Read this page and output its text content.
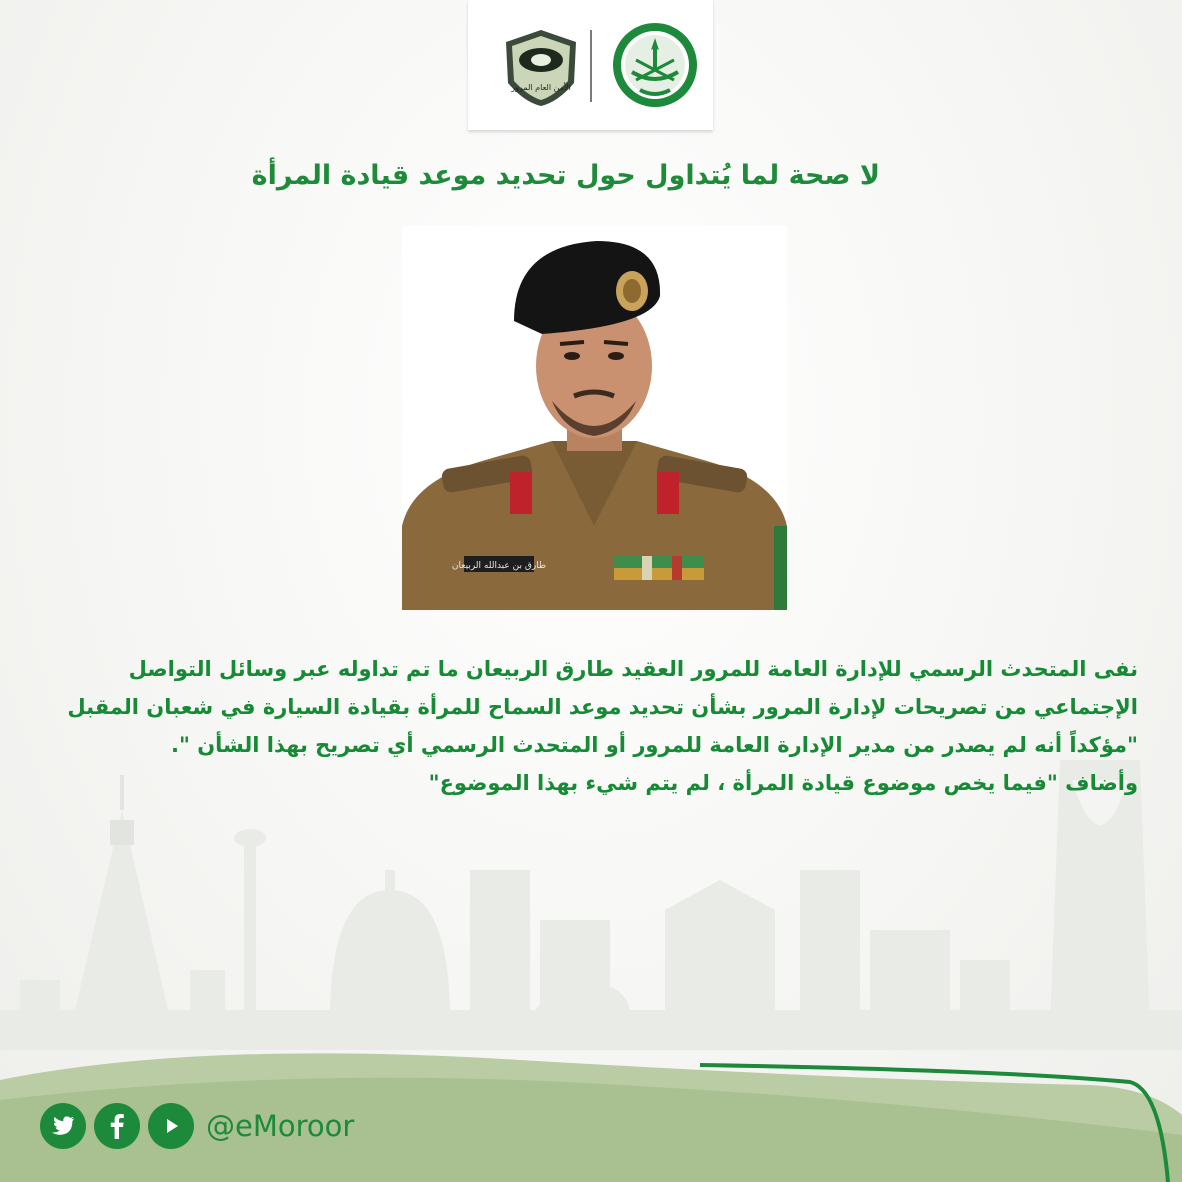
الأمن العام المرور
لا صحة لما يُتداول حول تحديد موعد قيادة المرأة
طارق بن عبدالله الربيعان

نفى المتحدث الرسمي للإدارة العامة للمرور العقيد طارق الربيعان ما تم تداوله عبر وسائل التواصل

الإجتماعي من تصريحات لإدارة المرور بشأن تحديد موعد السماح للمرأة بقيادة السيارة في شعبان المقبل

"مؤكداً أنه لم يصدر من مدير الإدارة العامة للمرور أو المتحدث الرسمي أي تصريح بهذا الشأن ".

وأضاف "فيما يخص موضوع قيادة المرأة ، لم يتم شيء بهذا الموضوع"

@eMoroor
